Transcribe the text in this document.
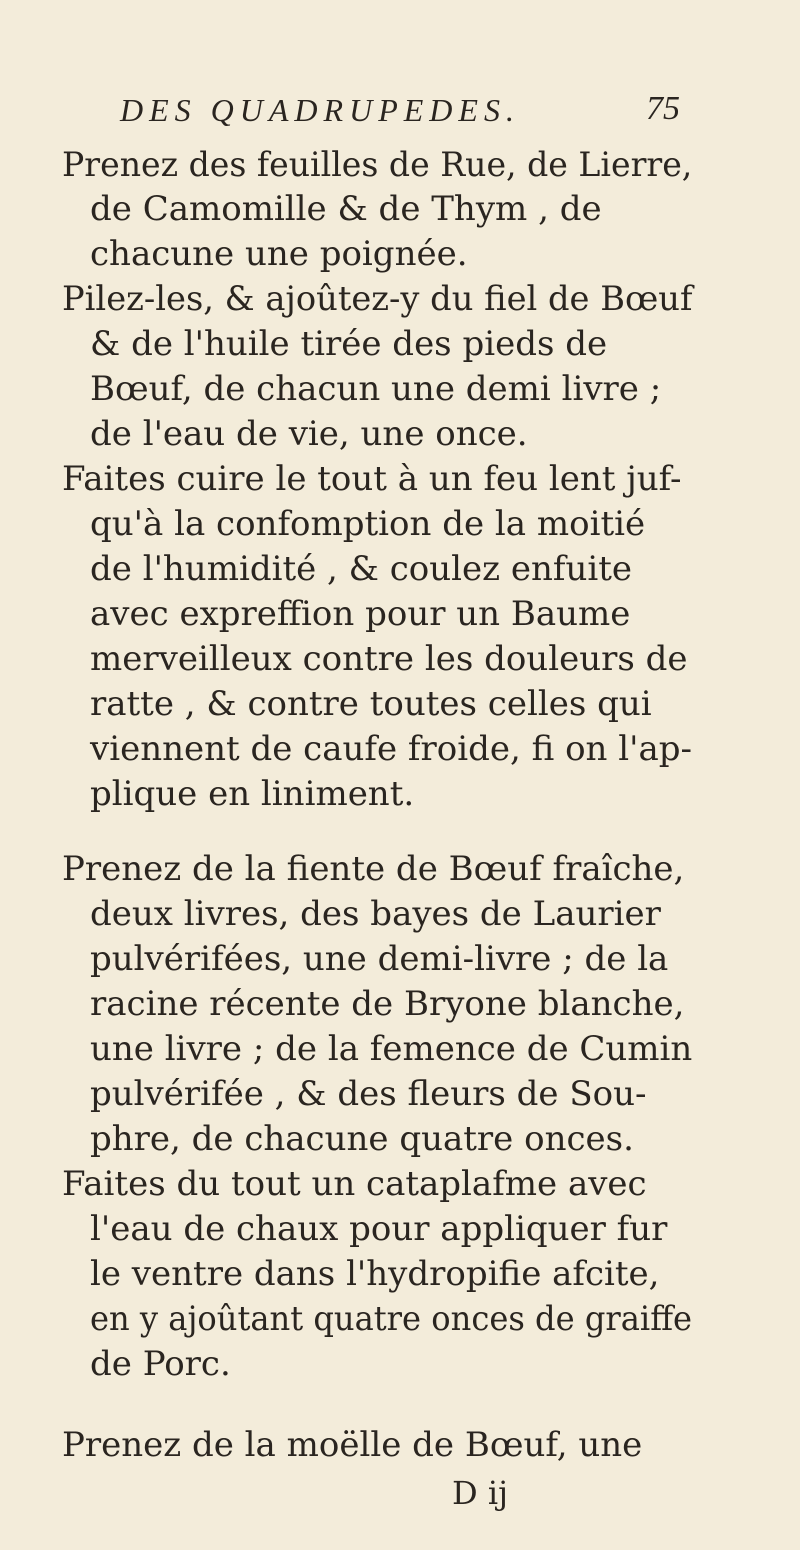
DES QUADRUPEDES.	75
Prenez des feuilles de Rue, de Lierre,
de Camomille & de Thym , de
chacune une poignée.
Pilez-les, & ajoûtez-y du fiel de Bœuf
& de l'huile tirée des pieds de
Bœuf, de chacun une demi livre ;
de l'eau de vie, une once.
Faites cuire le tout à un feu lent juf-
qu'à la confomption de la moitié
de l'humidité , & coulez enfuite
avec expreffion pour un Baume
merveilleux contre les douleurs de
ratte , & contre toutes celles qui
viennent de caufe froide, fi on l'ap-
plique en liniment.
Prenez de la fiente de Bœuf fraîche,
deux livres, des bayes de Laurier
pulvérifées, une demi-livre ; de la
racine récente de Bryone blanche,
une livre ; de la femence de Cumin
pulvérifée , & des fleurs de Sou-
phre, de chacune quatre onces.
Faites du tout un cataplafme avec
l'eau de chaux pour appliquer fur
le ventre dans l'hydropifie afcite,
en y ajoûtant quatre onces de graiffe
de Porc.
Prenez de la moëlle de Bœuf, une
D ij
